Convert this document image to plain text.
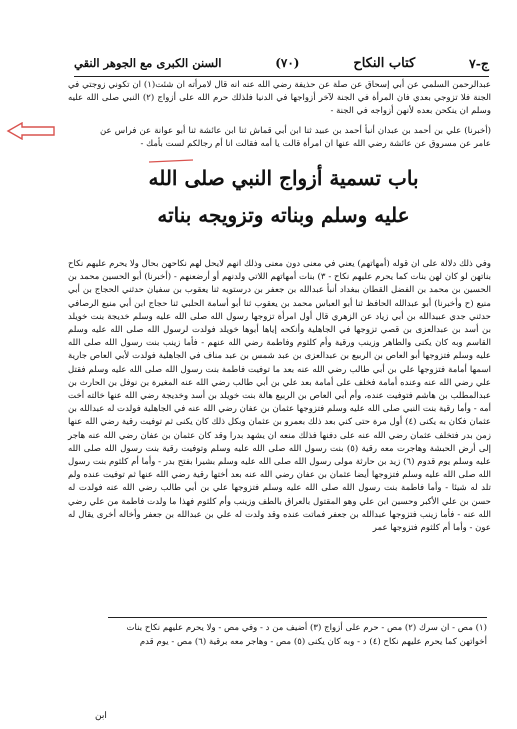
ج-٧
كتاب النكاح
(٧٠)
السنن الكبرى مع الجوهر النقي
عبدالرحمن السلمي عن أبي إسحاق عن صلة عن حذيفة رضي الله عنه انه قال لامرأته ان شئت(١) ان تكوني زوجتي في الجنة فلا تزوجي بعدي فان المرأة في الجنة لآخر أزواجها في الدنيا فلذلك حرم الله على أزواج (٢) النبي صلى الله عليه وسلم ان ينكحن بعده لأنهن أزواجه في الجنة -
(أخبرنا) علي بن أحمد بن عبدان أنبأ أحمد بن عبيد ثنا ابن أبي قماش ثنا ابن عائشة ثنا أبو عوانة عن فراس عن عامر عن مسروق عن عائشة رضي الله عنها ان امرأة قالت يا أمه فقالت انا أم رجالكم لست بأمك -
باب تسمية أزواج النبي صلى الله
عليه وسلم وبناته وتزويجه بناته
وفي ذلك دلالة على ان قوله (أمهاتهم) يعني في معنى دون معنى وذلك انهم لايحل لهم نكاحهن بحال ولا يحرم عليهم نكاح بناتهن لو كان لهن بنات كما يحرم عليهم نكاح - ٣) بنات أمهاتهم اللاتي ولدنهم أو أرضعنهم - (أخبرنا) أبو الحسين محمد بن الحسين بن محمد بن الفضل القطان ببغداد أنبأ عبدالله بن جعفر بن درستويه ثنا يعقوب بن سفيان حدثني الحجاج بن أبي منيع (ح وأخبرنا) أبو عبدالله الحافظ ثنا أبو العباس محمد بن يعقوب ثنا أبو أسامة الحلبي ثنا حجاج ابن أبي منيع الرصافي حدثني جدي عبيدالله بن أبي زياد عن الزهري قال أول امرأة تزوجها رسول الله صلى الله عليه وسلم خديجة بنت خويلد بن أسد بن عبدالعزى بن قصي تزوجها في الجاهلية وأنكحه إياها أبوها خويلد فولدت لرسول الله صلى الله عليه وسلم القاسم وبه كان يكنى والطاهر وزينب ورقية وأم كلثوم وفاطمة رضي الله عنهم - فأما زينب بنت رسول الله صلى الله عليه وسلم فتزوجها أبو العاص بن الربيع بن عبدالعزى بن عبد شمس بن عبد مناف في الجاهلية فولدت لأبي العاص جارية اسمها أمامة فتزوجها علي بن أبي طالب رضي الله عنه بعد ما توفيت فاطمة بنت رسول الله صلى الله عليه وسلم فقتل علي رضي الله عنه وعنده أمامة فخلف على أمامة بعد علي بن أبي طالب رضي الله عنه المغيرة بن نوفل بن الحارث بن عبدالمطلب بن هاشم فتوفيت عنده، وأم أبي العاص بن الربيع هالة بنت خويلد بن أسد وخديجة رضي الله عنها خالته أخت أمه - وأما رقية بنت النبي صلى الله عليه وسلم فتزوجها عثمان بن عفان رضي الله عنه في الجاهلية فولدت له عبدالله بن عثمان فكان به يكنى (٤) أول مرة حتى كني بعد ذلك بعمرو بن عثمان وبكل ذلك كان يكنى ثم توفيت رقية رضي الله عنها زمن بدر فتخلف عثمان رضي الله عنه على دفنها فذلك منعه ان يشهد بدرا وقد كان عثمان بن عفان رضي الله عنه هاجر إلى أرض الحبشة وهاجرت معه رقية (٥) بنت رسول الله صلى الله عليه وسلم وتوفيت رقية بنت رسول الله صلى الله عليه وسلم يوم قدوم (٦) زيد بن حارثة مولى رسول الله صلى الله عليه وسلم بشيرا بفتح بدر - وأما أم كلثوم بنت رسول الله صلى الله عليه وسلم فتزوجها أيضا عثمان بن عفان رضي الله عنه بعد أختها رقية رضي الله عنها ثم توفيت عنده ولم تلد له شيئا - وأما فاطمة بنت رسول الله صلى الله عليه وسلم فتزوجها علي بن أبي طالب رضي الله عنه فولدت له حسن بن علي الأكبر وحسين ابن علي وهو المقتول بالعراق بالطف وزينب وأم كلثوم فهذا ما ولدت فاطمة من علي رضي الله عنه - فأما زينب فتزوجها عبدالله بن جعفر فماتت عنده وقد ولدت له علي بن عبدالله بن جعفر وأخاله أخرى يقال له عون - وأما أم كلثوم فتزوجها عمر
(١) مص - ان سرك (٢) مص - حرم على أزواج (٣) أضيف من د - وفي مص - ولا يحرم عليهم نكاح بنات
أخواتهن كما يحرم عليهم نكاح (٤) د - وبه كان يكنى (٥) مص - وهاجر معه برقية (٦) مص - يوم قدم
ابن
